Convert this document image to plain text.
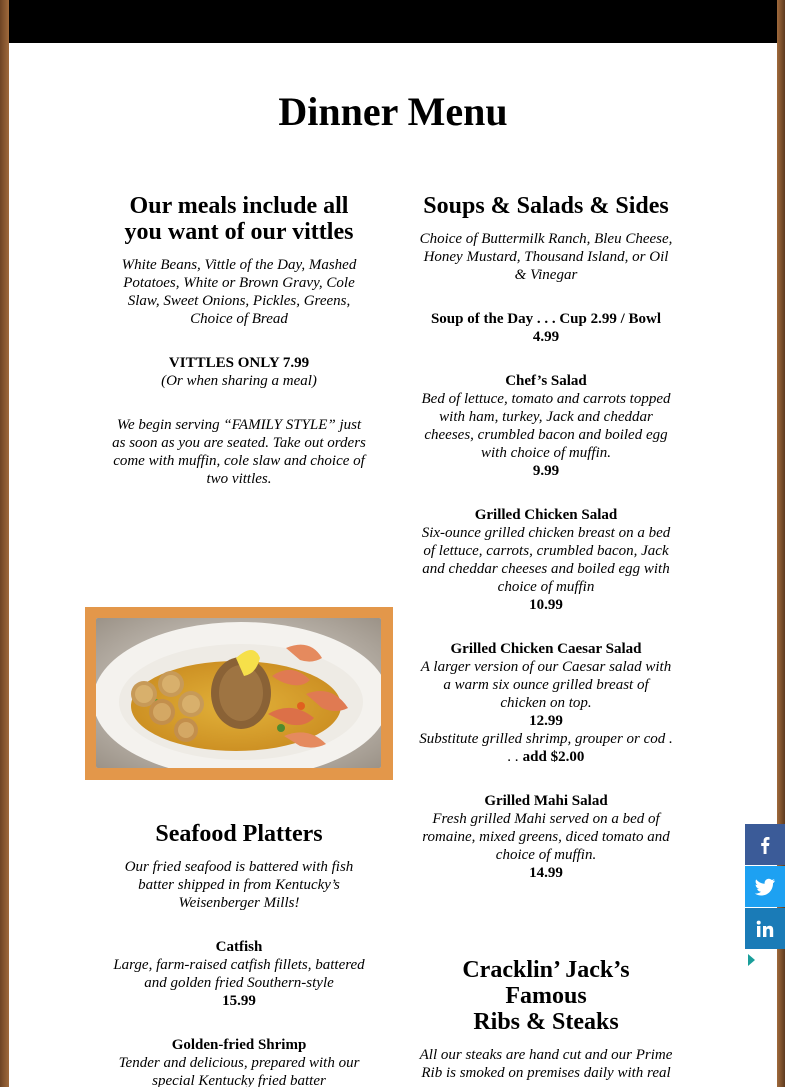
Dinner Menu
Our meals include all you want of our vittles

White Beans, Vittle of the Day, Mashed Potatoes, White or Brown Gravy, Cole Slaw, Sweet Onions, Pickles, Greens, Choice of Bread

VITTLES ONLY 7.99

(Or when sharing a meal)

We begin serving “FAMILY STYLE” just as soon as you are seated. Take out orders come with muffin, cole slaw and choice of two vittles.

Seafood Platters

Our fried seafood is battered with fish batter shipped in from Kentucky’s Weisenberger Mills!

Catfish

Large, farm-raised catfish fillets, battered and golden fried Southern-style

15.99

Golden-fried Shrimp

Tender and delicious, prepared with our special Kentucky fried batter

Soups & Salads & Sides

Choice of Buttermilk Ranch, Bleu Cheese, Honey Mustard, Thousand Island, or Oil & Vinegar

Soup of the Day . . . Cup 2.99 / Bowl 4.99

Chef’s Salad

Bed of lettuce, tomato and carrots topped with ham, turkey, Jack and cheddar cheeses, crumbled bacon and boiled egg with choice of muffin.

9.99

Grilled Chicken Salad

Six-ounce grilled chicken breast on a bed of lettuce, carrots, crumbled bacon, Jack and cheddar cheeses and boiled egg with choice of muffin

10.99

Grilled Chicken Caesar Salad

A larger version of our Caesar salad with a warm six ounce grilled breast of chicken on top.

12.99

Substitute grilled shrimp, grouper or cod . . . add $2.00

Grilled Mahi Salad

Fresh grilled Mahi served on a bed of romaine, mixed greens, diced tomato and choice of muffin.

14.99

Cracklin’ Jack’s
Famous
Ribs & Steaks

All our steaks are hand cut and our Prime Rib is smoked on premises daily with real
